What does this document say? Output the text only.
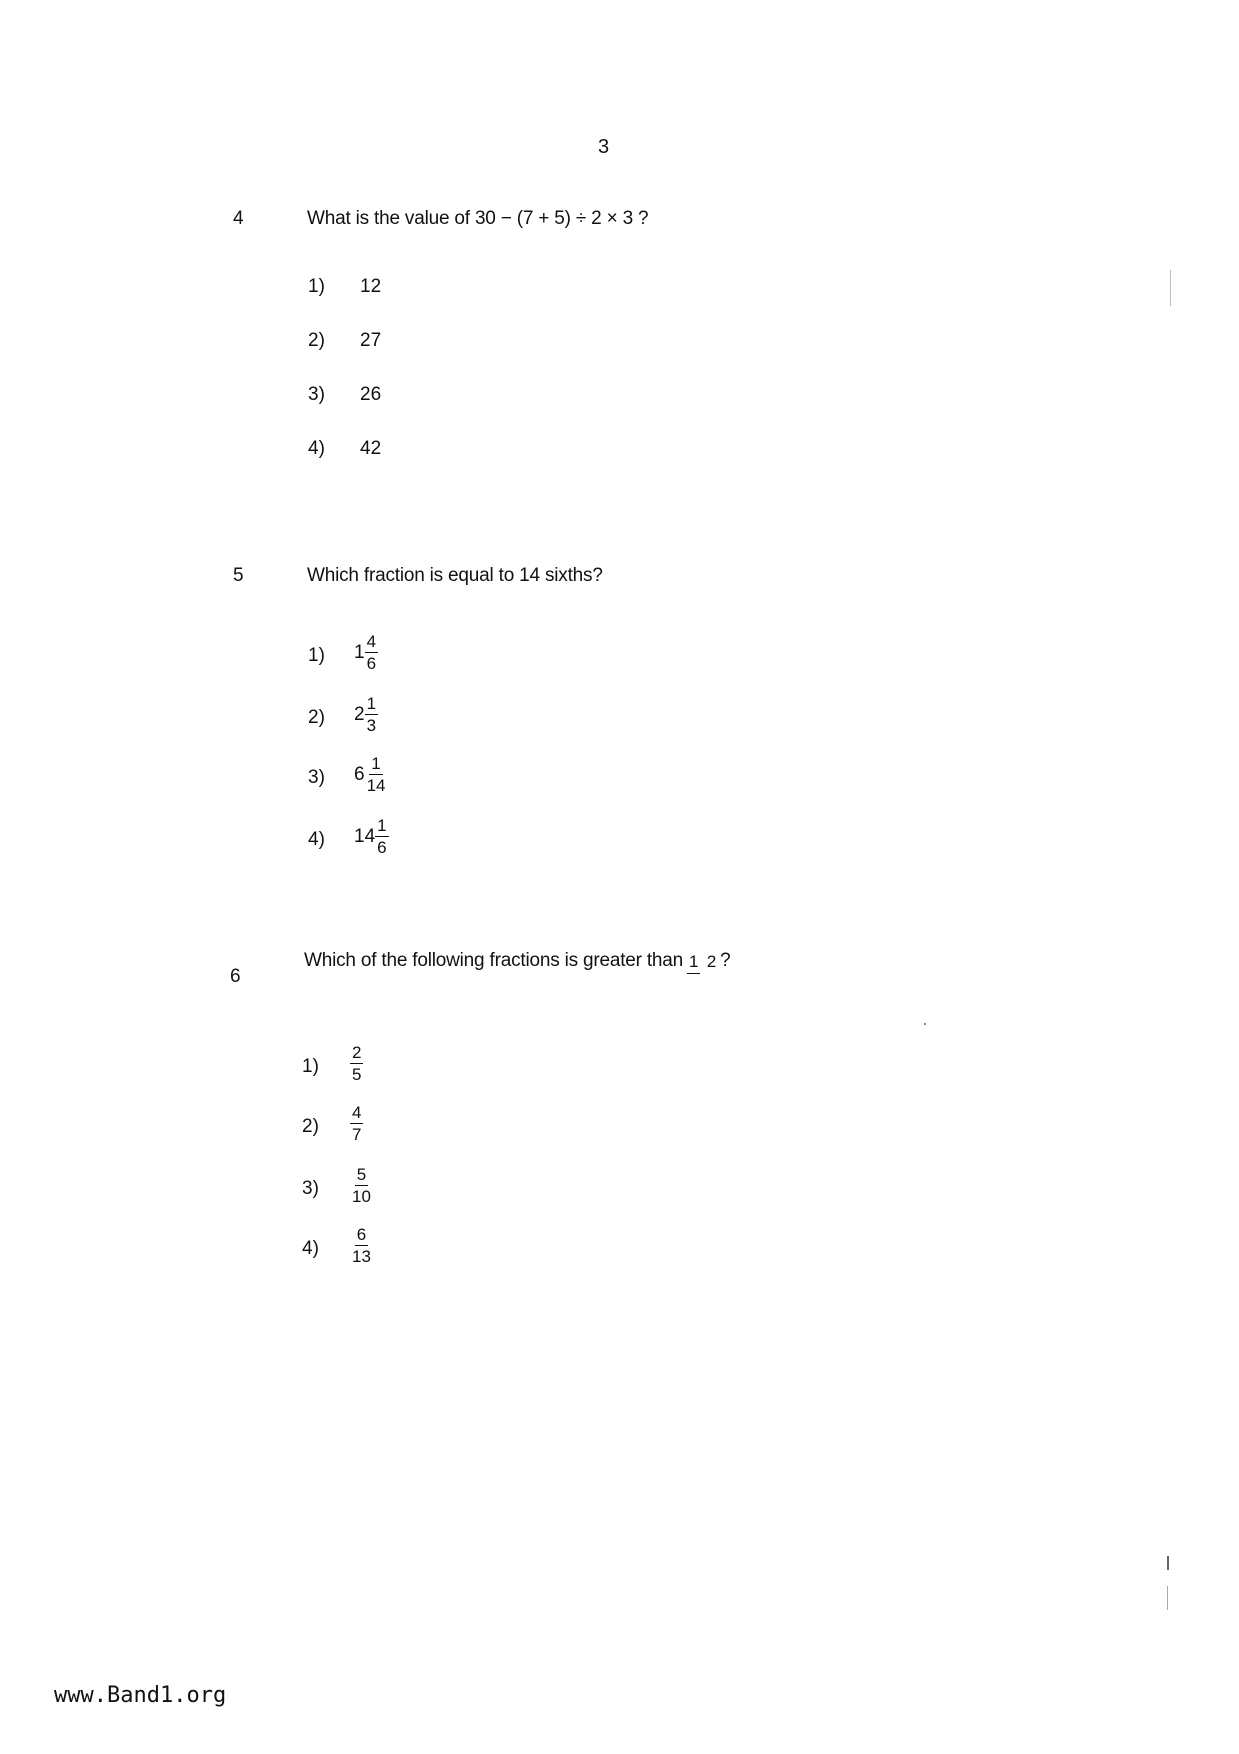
3
4	What is the value of 30 − (7 + 5) ÷ 2 × 3 ?
1) 12
2) 27
3) 26
4) 42
5	Which fraction is equal to 14 sixths?
1) $1 \frac{4}{6}$
2) $2 \frac{1}{3}$
3) $6 \frac{1}{14}$
4) $14 \frac{1}{6}$
6
Which of the following fractions is greater than 1 2 ?
$1) \frac{2}{5}$
$2) \frac{4}{7}$
$3) \frac{5}{10}$
$4) \frac{6}{13}$
www.Band1.org
